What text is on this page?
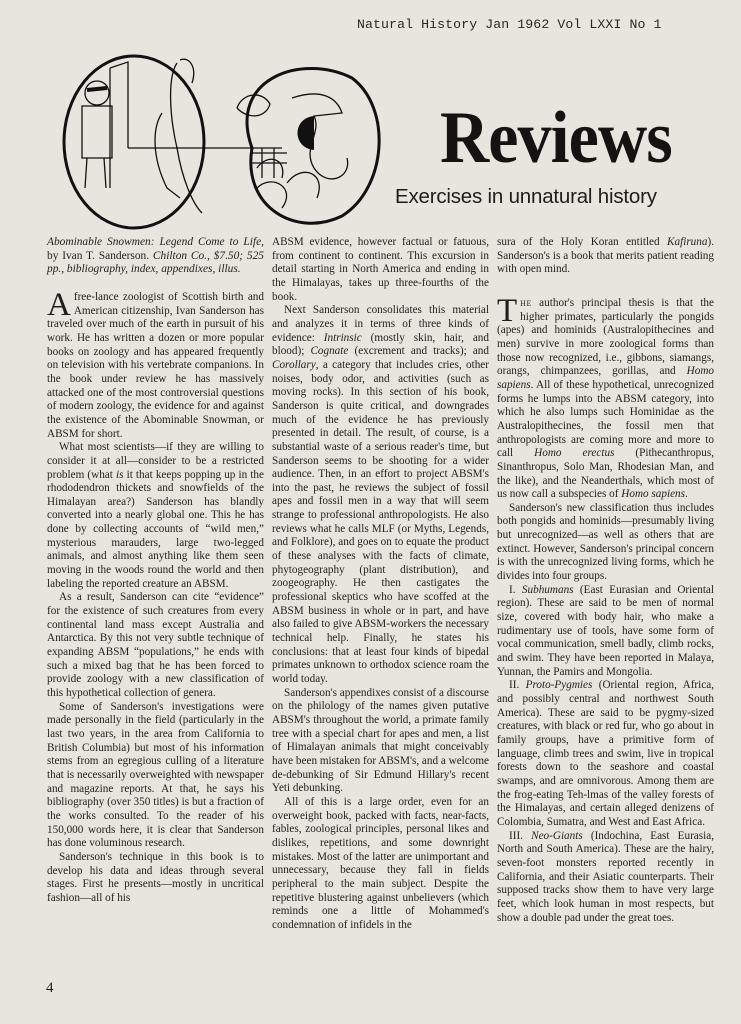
Natural History Jan 1962 Vol LXXI No 1
Reviews
Exercises in unnatural history

Abominable Snowmen: Legend Come to Life, by Ivan T. Sanderson. Chilton Co., $7.50; 525 pp., bibliography, index, appendixes, illus.

Afree-lance zoologist of Scottish birth and American citizenship, Ivan Sanderson has traveled over much of the earth in pursuit of his work. He has written a dozen or more popular books on zoology and has appeared frequently on television with his vertebrate companions. In the book under review he has massively attacked one of the most controversial questions of modern zoology, the evidence for and against the existence of the Abominable Snowman, or ABSM for short.

What most scientists—if they are willing to consider it at all—consider to be a restricted problem (what is it that keeps popping up in the rhododendron thickets and snowfields of the Himalayan area?) Sanderson has blandly converted into a nearly global one. This he has done by collecting accounts of “wild men,” mysterious marauders, large two-legged animals, and almost anything like them seen moving in the woods round the world and then labeling the reported creature an ABSM.

As a result, Sanderson can cite “evidence” for the existence of such creatures from every continental land mass except Australia and Antarctica. By this not very subtle technique of expanding ABSM “populations,” he ends with such a mixed bag that he has been forced to provide zoology with a new classification of this hypothetical collection of genera.

Some of Sanderson's investigations were made personally in the field (particularly in the last two years, in the area from California to British Columbia) but most of his information stems from an egregious culling of a literature that is necessarily overweighted with newspaper and magazine reports. At that, he says his bibliography (over 350 titles) is but a fraction of the works consulted. To the reader of his 150,000 words here, it is clear that Sanderson has done voluminous research.

Sanderson's technique in this book is to develop his data and ideas through several stages. First he presents—mostly in uncritical fashion—all of his

ABSM evidence, however factual or fatuous, from continent to continent. This excursion in detail starting in North America and ending in the Himalayas, takes up three-fourths of the book.

Next Sanderson consolidates this material and analyzes it in terms of three kinds of evidence: Intrinsic (mostly skin, hair, and blood); Cognate (excrement and tracks); and Corollary, a category that includes cries, other noises, body odor, and activities (such as moving rocks). In this section of his book, Sanderson is quite critical, and downgrades much of the evidence he has previously presented in detail. The result, of course, is a substantial waste of a serious reader's time, but Sanderson seems to be shooting for a wider audience. Then, in an effort to project ABSM's into the past, he reviews the subject of fossil apes and fossil men in a way that will seem strange to professional anthropologists. He also reviews what he calls MLF (or Myths, Legends, and Folklore), and goes on to equate the product of these analyses with the facts of climate, phytogeography (plant distribution), and zoogeography. He then castigates the professional skeptics who have scoffed at the ABSM business in whole or in part, and have also failed to give ABSM-workers the necessary technical help. Finally, he states his conclusions: that at least four kinds of bipedal primates unknown to orthodox science roam the world today.

Sanderson's appendixes consist of a discourse on the philology of the names given putative ABSM's throughout the world, a primate family tree with a special chart for apes and men, a list of Himalayan animals that might conceivably have been mistaken for ABSM's, and a welcome de-debunking of Sir Edmund Hillary's recent Yeti debunking.

All of this is a large order, even for an overweight book, packed with facts, near-facts, fables, zoological principles, personal likes and dislikes, repetitions, and some downright mistakes. Most of the latter are unimportant and unnecessary, because they fall in fields peripheral to the main subject. Despite the repetitive blustering against unbelievers (which reminds one a little of Mohammed's condemnation of infidels in the

sura of the Holy Koran entitled Kafiruna). Sanderson's is a book that merits patient reading with open mind.

The author's principal thesis is that the higher primates, particularly the pongids (apes) and hominids (Australopithecines and men) survive in more zoological forms than those now recognized, i.e., gibbons, siamangs, orangs, chimpanzees, gorillas, and Homo sapiens. All of these hypothetical, unrecognized forms he lumps into the ABSM category, into which he also lumps such Hominidae as the Australopithecines, the fossil men that anthropologists are coming more and more to call Homo erectus (Pithecanthropus, Sinanthropus, Solo Man, Rhodesian Man, and the like), and the Neanderthals, which most of us now call a subspecies of Homo sapiens.

Sanderson's new classification thus includes both pongids and hominids—presumably living but unrecognized—as well as others that are extinct. However, Sanderson's principal concern is with the unrecognized living forms, which he divides into four groups.

I. Subhumans (East Eurasian and Oriental region). These are said to be men of normal size, covered with body hair, who make a rudimentary use of tools, have some form of vocal communication, smell badly, climb rocks, and swim. They have been reported in Malaya, Yunnan, the Pamirs and Mongolia.

II. Proto-Pygmies (Oriental region, Africa, and possibly central and northwest South America). These are said to be pygmy-sized creatures, with black or red fur, who go about in family groups, have a primitive form of language, climb trees and swim, live in tropical forests down to the seashore and coastal swamps, and are omnivorous. Among them are the frog-eating Teh-lmas of the valley forests of the Himalayas, and certain alleged denizens of Colombia, Sumatra, and West and East Africa.

III. Neo-Giants (Indochina, East Eurasia, North and South America). These are the hairy, seven-foot monsters reported recently in California, and their Asiatic counterparts. Their supposed tracks show them to have very large feet, which look human in most respects, but show a double pad under the great toes.

4
